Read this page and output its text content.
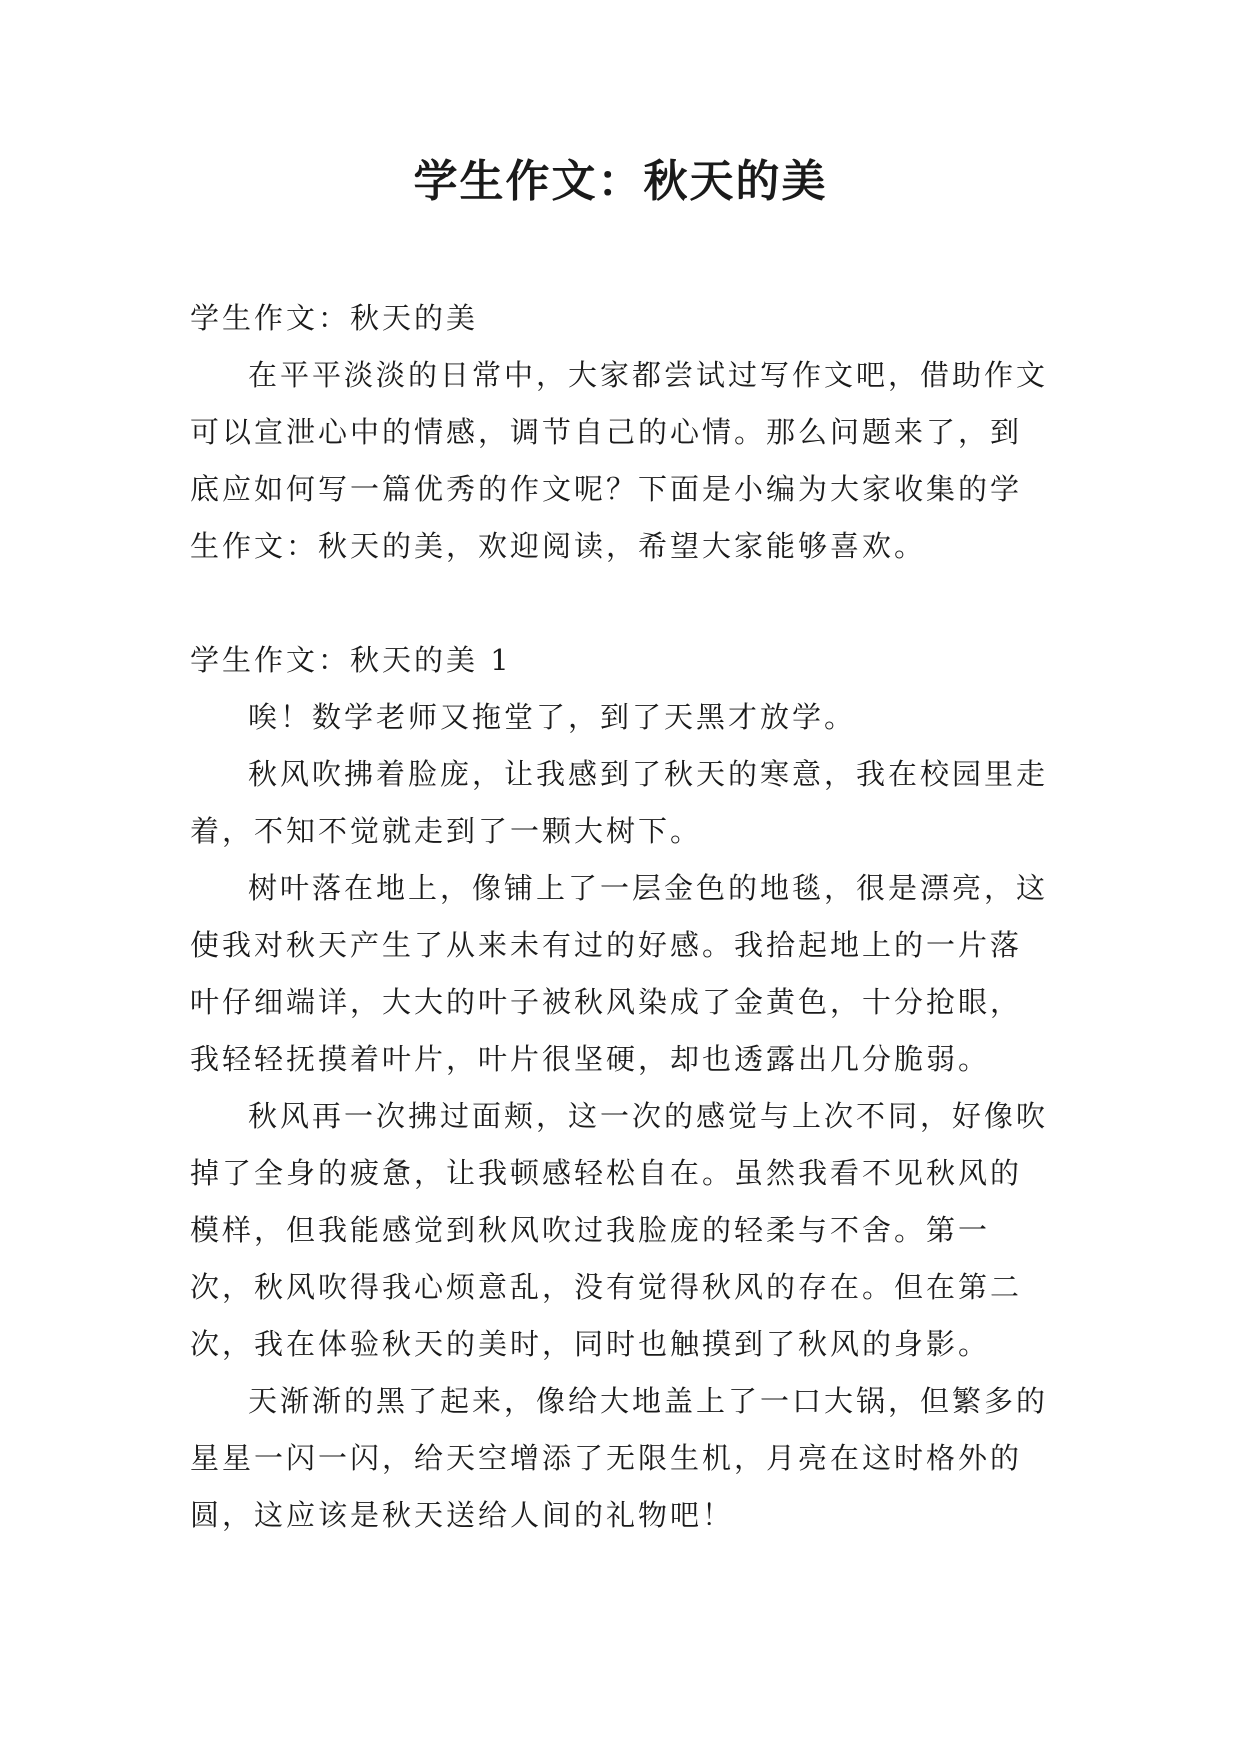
学生作文：秋天的美

学生作文：秋天的美

在平平淡淡的日常中，大家都尝试过写作文吧，借助作文可以宣泄心中的情感，调节自己的心情。那么问题来了，到底应如何写一篇优秀的作文呢？下面是小编为大家收集的学生作文：秋天的美，欢迎阅读，希望大家能够喜欢。

学生作文：秋天的美 1

唉！数学老师又拖堂了，到了天黑才放学。

秋风吹拂着脸庞，让我感到了秋天的寒意，我在校园里走着，不知不觉就走到了一颗大树下。

树叶落在地上，像铺上了一层金色的地毯，很是漂亮，这使我对秋天产生了从来未有过的好感。我拾起地上的一片落叶仔细端详，大大的叶子被秋风染成了金黄色，十分抢眼，我轻轻抚摸着叶片，叶片很坚硬，却也透露出几分脆弱。

秋风再一次拂过面颊，这一次的感觉与上次不同，好像吹掉了全身的疲惫，让我顿感轻松自在。虽然我看不见秋风的模样，但我能感觉到秋风吹过我脸庞的轻柔与不舍。第一次，秋风吹得我心烦意乱，没有觉得秋风的存在。但在第二次，我在体验秋天的美时，同时也触摸到了秋风的身影。

天渐渐的黑了起来，像给大地盖上了一口大锅，但繁多的星星一闪一闪，给天空增添了无限生机，月亮在这时格外的圆，这应该是秋天送给人间的礼物吧！
